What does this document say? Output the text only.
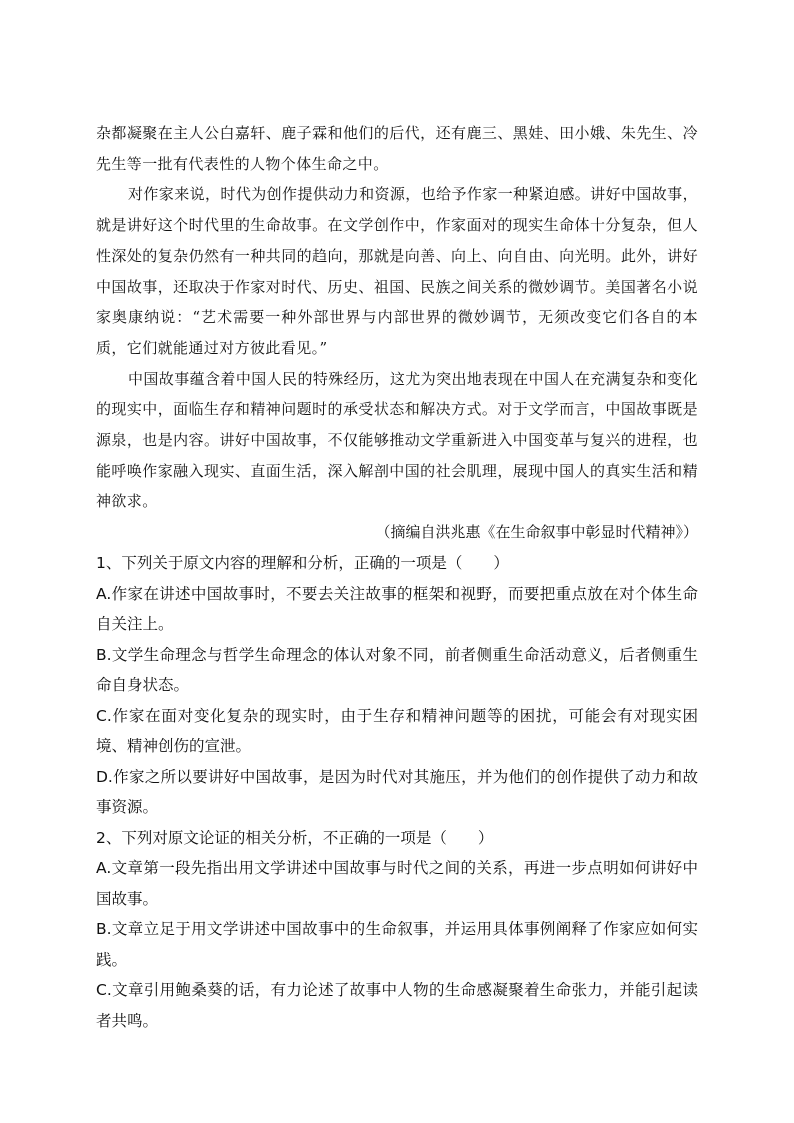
杂都凝聚在主人公白嘉轩、鹿子霖和他们的后代，还有鹿三、黑娃、田小娥、朱先生、冷先生等一批有代表性的人物个体生命之中。

对作家来说，时代为创作提供动力和资源，也给予作家一种紧迫感。讲好中国故事，就是讲好这个时代里的生命故事。在文学创作中，作家面对的现实生命体十分复杂，但人性深处的复杂仍然有一种共同的趋向，那就是向善、向上、向自由、向光明。此外，讲好中国故事，还取决于作家对时代、历史、祖国、民族之间关系的微妙调节。美国著名小说家奥康纳说：“艺术需要一种外部世界与内部世界的微妙调节，无须改变它们各自的本质，它们就能通过对方彼此看见。”

中国故事蕴含着中国人民的特殊经历，这尤为突出地表现在中国人在充满复杂和变化的现实中，面临生存和精神问题时的承受状态和解决方式。对于文学而言，中国故事既是源泉，也是内容。讲好中国故事，不仅能够推动文学重新进入中国变革与复兴的进程，也能呼唤作家融入现实、直面生活，深入解剖中国的社会肌理，展现中国人的真实生活和精神欲求。

（摘编自洪兆惠《在生命叙事中彰显时代精神》）

1、下列关于原文内容的理解和分析，正确的一项是（　　）

A.作家在讲述中国故事时，不要去关注故事的框架和视野，而要把重点放在对个体生命自关注上。

B.文学生命理念与哲学生命理念的体认对象不同，前者侧重生命活动意义，后者侧重生命自身状态。

C.作家在面对变化复杂的现实时，由于生存和精神问题等的困扰，可能会有对现实困境、精神创伤的宣泄。

D.作家之所以要讲好中国故事，是因为时代对其施压，并为他们的创作提供了动力和故事资源。

2、下列对原文论证的相关分析，不正确的一项是（　　）

A.文章第一段先指出用文学讲述中国故事与时代之间的关系，再进一步点明如何讲好中国故事。

B.文章立足于用文学讲述中国故事中的生命叙事，并运用具体事例阐释了作家应如何实践。

C.文章引用鲍桑葵的话，有力论述了故事中人物的生命感凝聚着生命张力，并能引起读者共鸣。
